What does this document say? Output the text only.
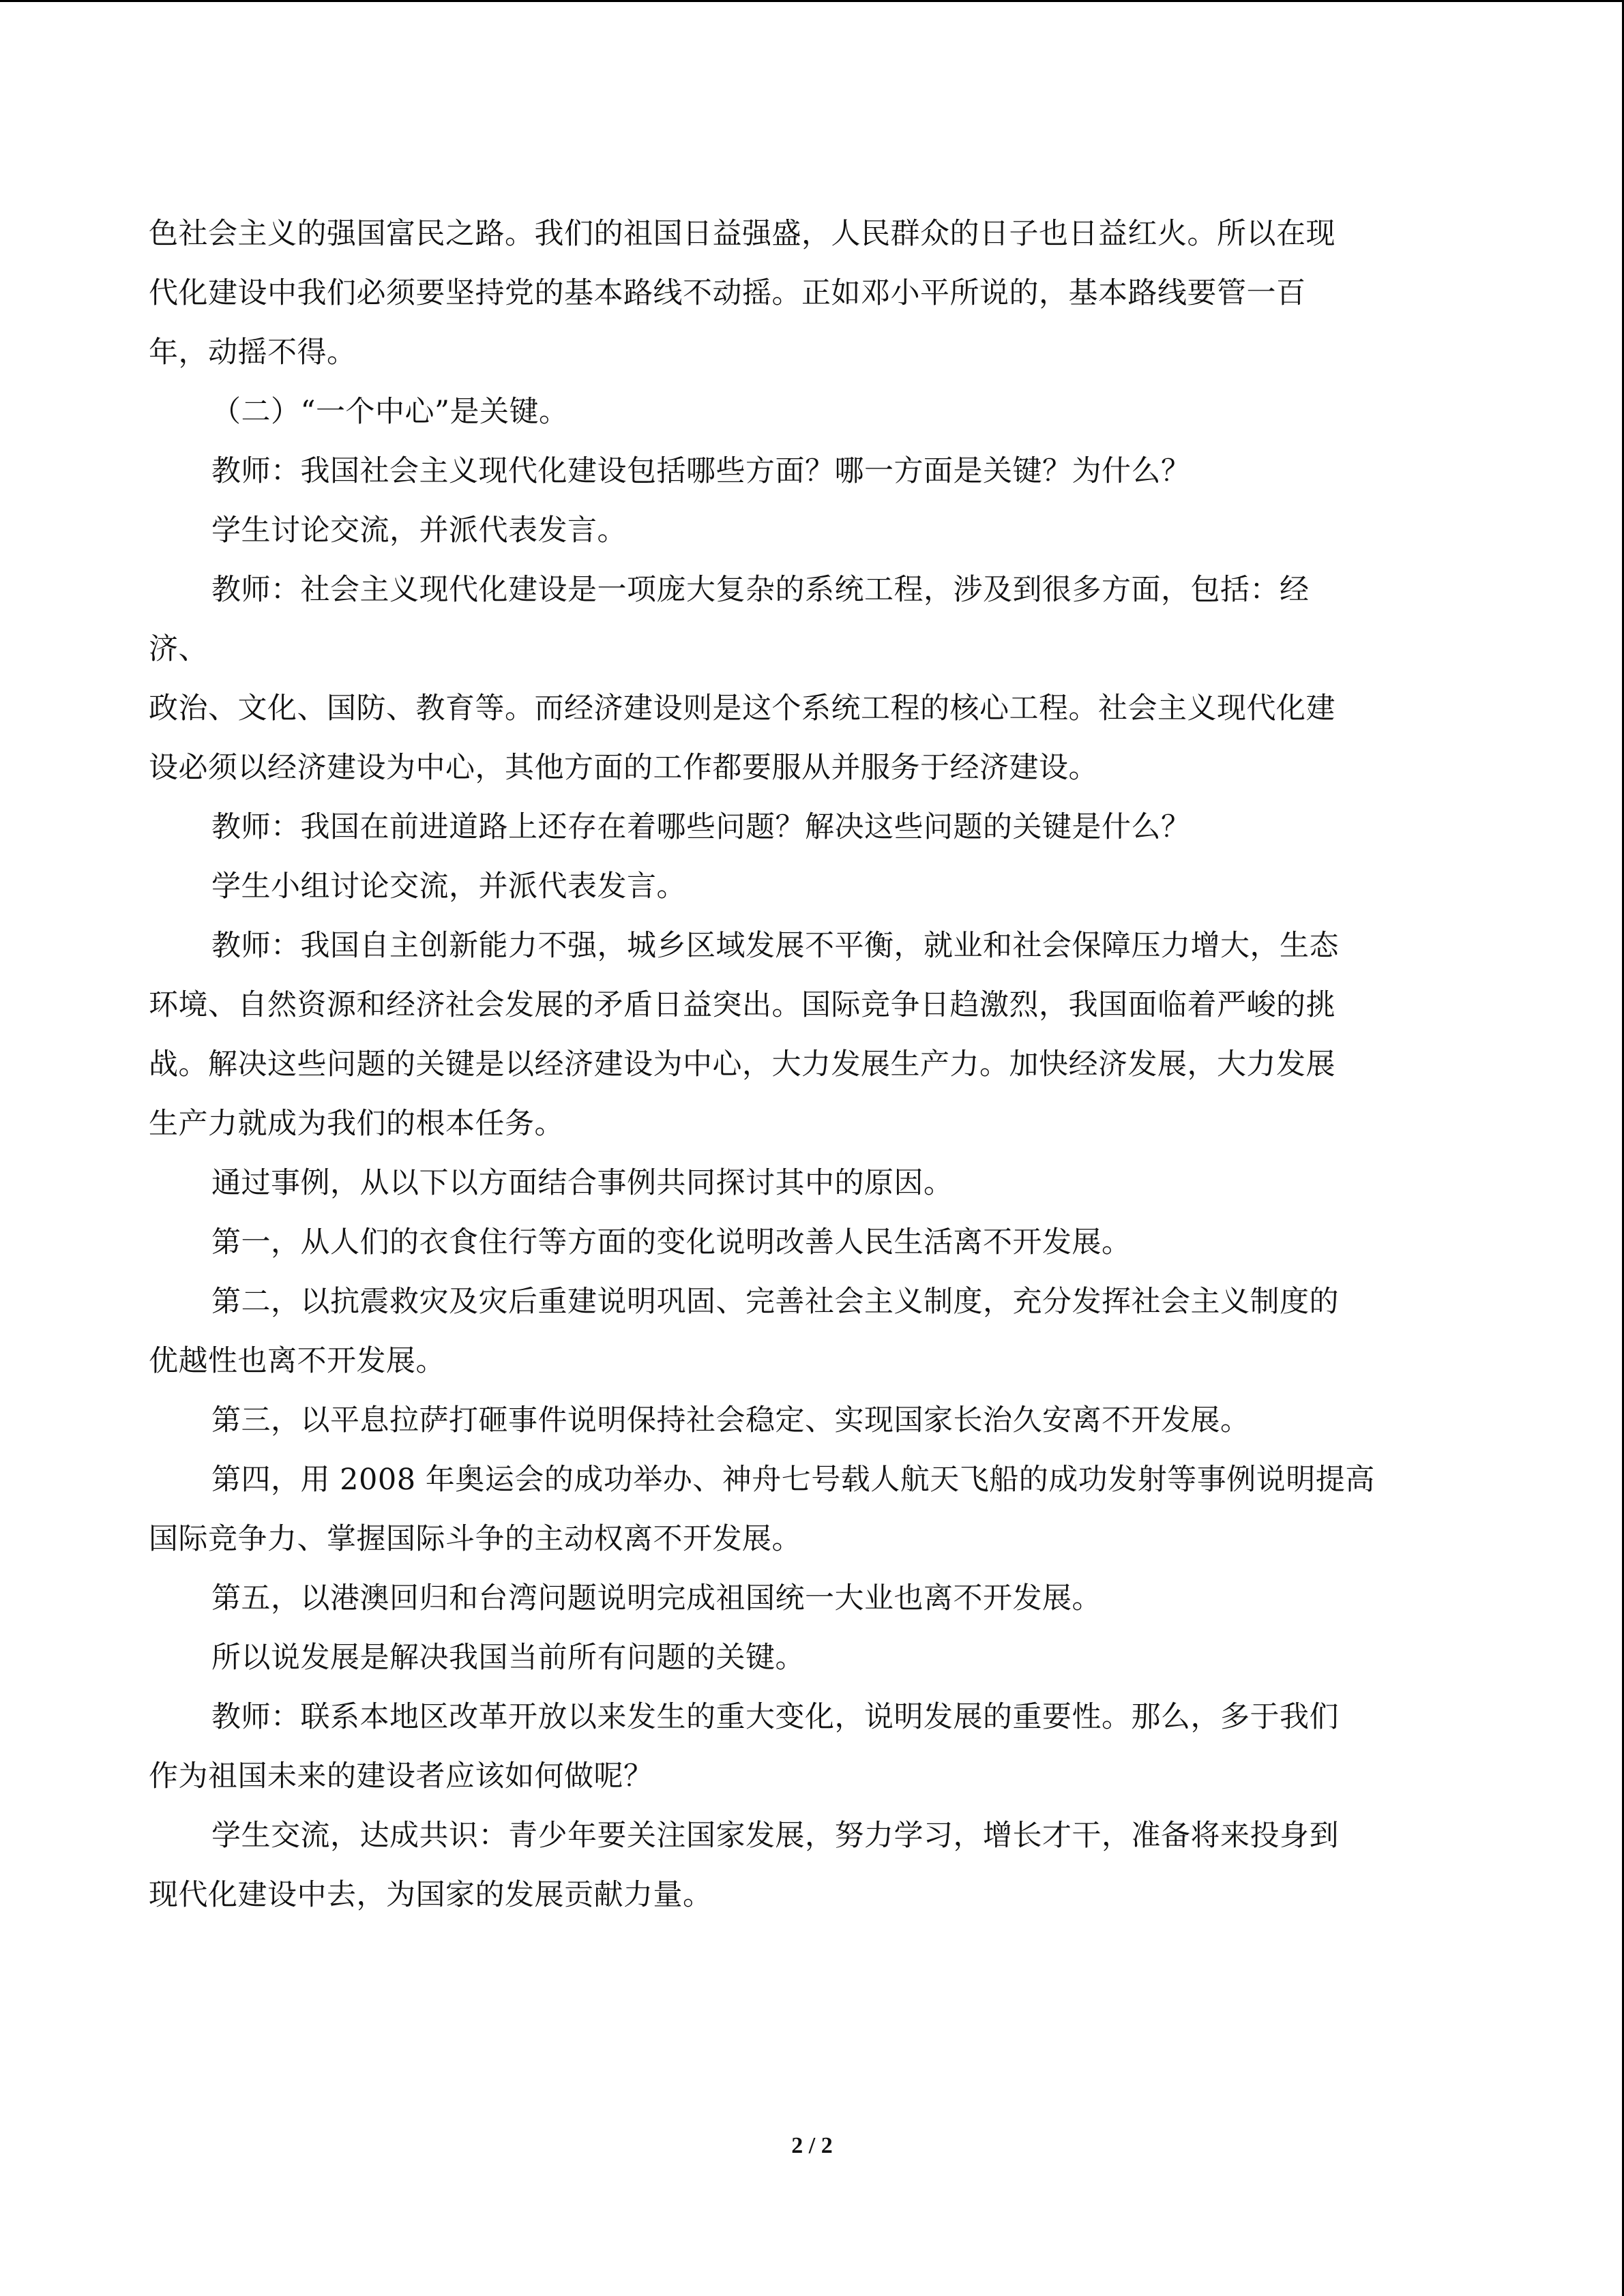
色社会主义的强国富民之路。我们的祖国日益强盛，人民群众的日子也日益红火。所以在现
代化建设中我们必须要坚持党的基本路线不动摇。正如邓小平所说的，基本路线要管一百
年，动摇不得。
（二）“一个中心”是关键。
教师：我国社会主义现代化建设包括哪些方面？哪一方面是关键？为什么？
学生讨论交流，并派代表发言。
教师：社会主义现代化建设是一项庞大复杂的系统工程，涉及到很多方面，包括：经
济、
政治、文化、国防、教育等。而经济建设则是这个系统工程的核心工程。社会主义现代化建
设必须以经济建设为中心，其他方面的工作都要服从并服务于经济建设。
教师：我国在前进道路上还存在着哪些问题？解决这些问题的关键是什么？
学生小组讨论交流，并派代表发言。
教师：我国自主创新能力不强，城乡区域发展不平衡，就业和社会保障压力增大，生态
环境、自然资源和经济社会发展的矛盾日益突出。国际竞争日趋激烈，我国面临着严峻的挑
战。解决这些问题的关键是以经济建设为中心，大力发展生产力。加快经济发展，大力发展
生产力就成为我们的根本任务。
通过事例，从以下以方面结合事例共同探讨其中的原因。
第一，从人们的衣食住行等方面的变化说明改善人民生活离不开发展。
第二，以抗震救灾及灾后重建说明巩固、完善社会主义制度，充分发挥社会主义制度的
优越性也离不开发展。
第三，以平息拉萨打砸事件说明保持社会稳定、实现国家长治久安离不开发展。
第四，用 2008 年奥运会的成功举办、神舟七号载人航天飞船的成功发射等事例说明提高
国际竞争力、掌握国际斗争的主动权离不开发展。
第五，以港澳回归和台湾问题说明完成祖国统一大业也离不开发展。
所以说发展是解决我国当前所有问题的关键。
教师：联系本地区改革开放以来发生的重大变化，说明发展的重要性。那么，多于我们
作为祖国未来的建设者应该如何做呢？
学生交流，达成共识：青少年要关注国家发展，努力学习，增长才干，准备将来投身到
现代化建设中去，为国家的发展贡献力量。
2 / 2
